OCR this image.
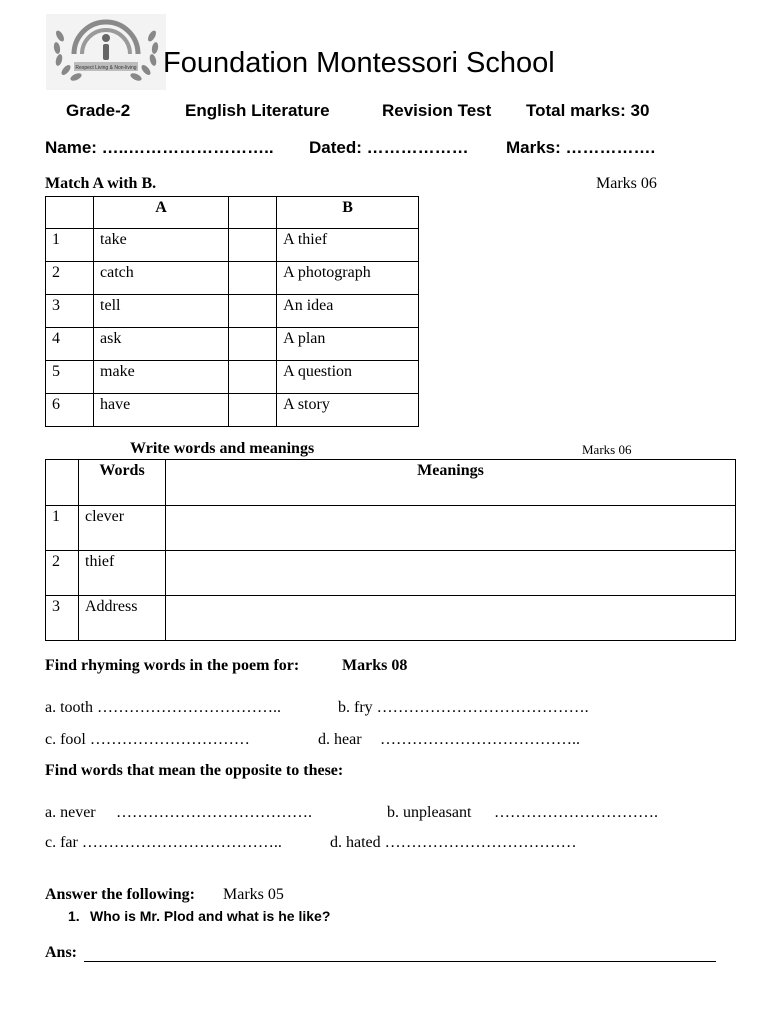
Respect Living & Non-living Foundation Montessori School
Grade-2	English Literature	Revision Test Total marks: 30
Name: …..…………………….. Dated: ……………… Marks: …………….
Match A with B.	Marks 06
	A		B
1	take		A thief
2	catch		A photograph
3	tell		An idea
4	ask		A plan
5	make		A question
6	have		A story
Write words and meanings	Marks 06
	Words	Meanings
1	clever	
2	thief	
3	Address	
Find rhyming words in the poem for:	Marks 08
a. tooth ……………………………..	b. fry ………………………………….
c. fool …………………………	d. hear ………………………………..
Find words that mean the opposite to these:
a. never ……………………………….	b. unpleasant ………………………….
c. far ………………………………..	d. hated ………………………………
Answer the following: Marks 05
1. Who is Mr. Plod and what is he like?
Ans:
